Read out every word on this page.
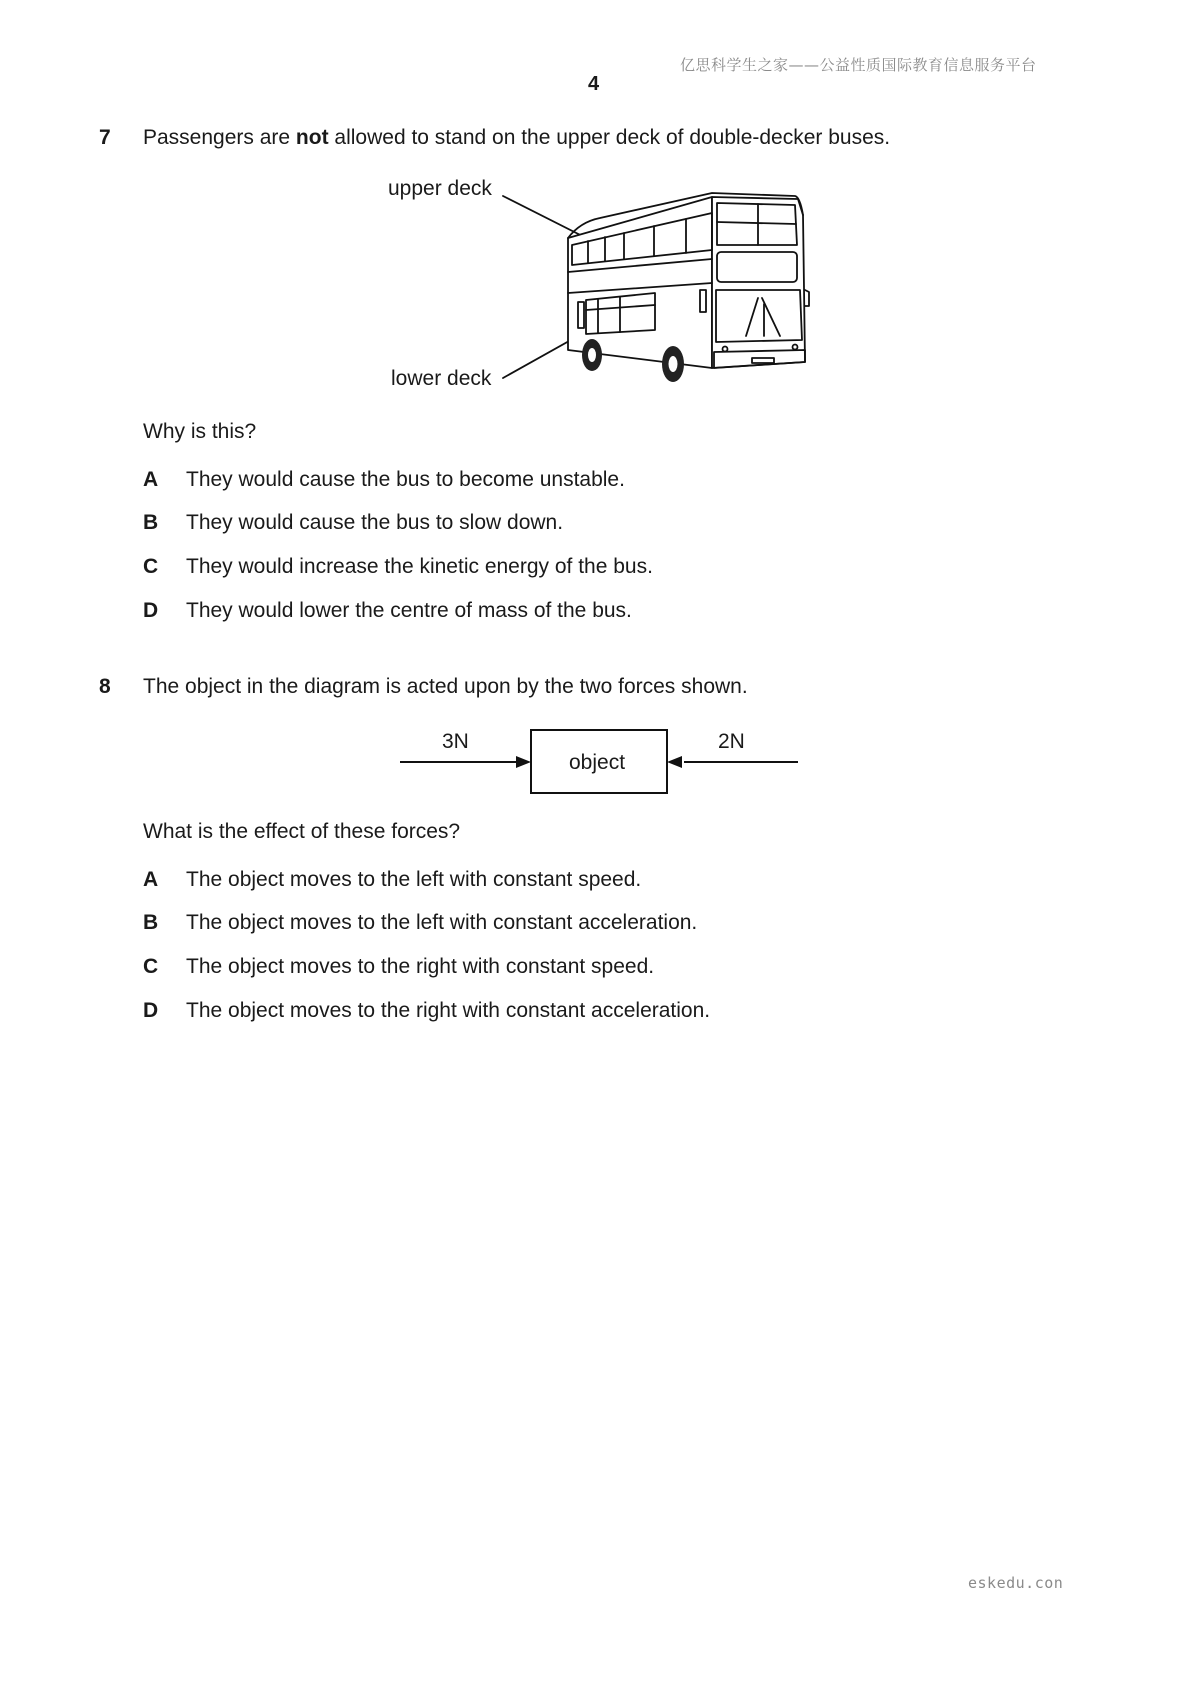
亿思科学生之家——公益性质国际教育信息服务平台
4
7 Passengers are not allowed to stand on the upper deck of double-decker buses.
upper deck
lower deck
Why is this?
A They would cause the bus to become unstable.
B They would cause the bus to slow down.
C They would increase the kinetic energy of the bus.
D They would lower the centre of mass of the bus.
8 The object in the diagram is acted upon by the two forces shown.
3N	2N
object
What is the effect of these forces?
A The object moves to the left with constant speed.
B The object moves to the left with constant acceleration.
C The object moves to the right with constant speed.
D The object moves to the right with constant acceleration.
eskedu.con
